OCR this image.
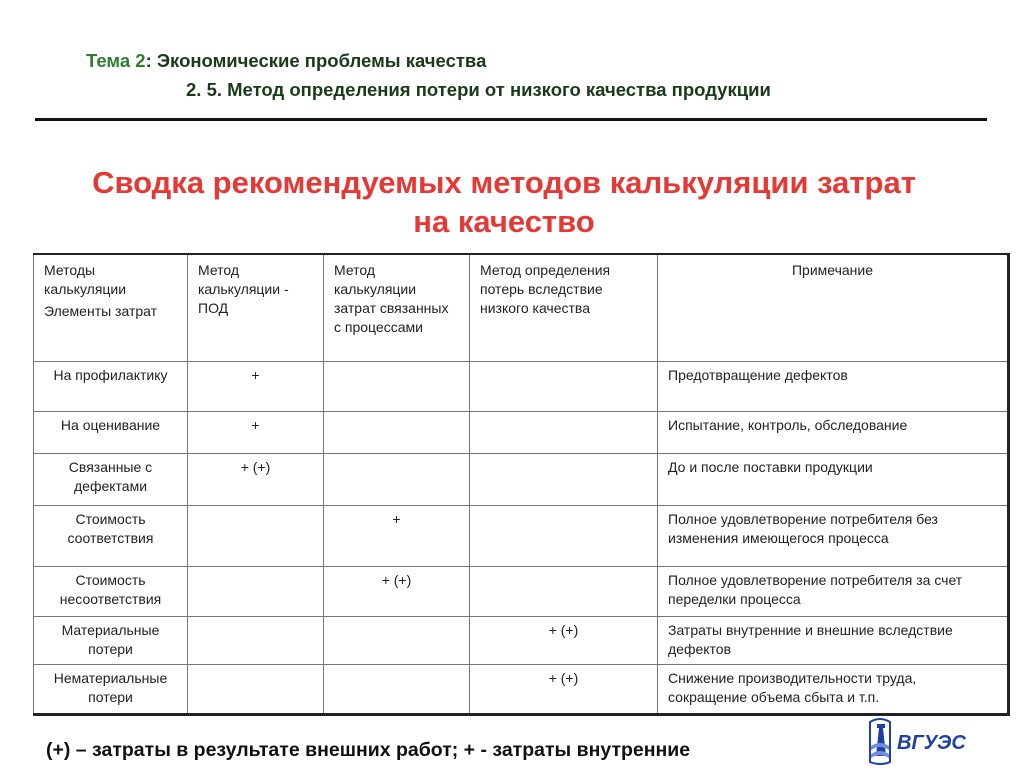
Тема 2: Экономические проблемы качества
2. 5. Метод определения потери от низкого качества продукции
Сводка рекомендуемых методов калькуляции затрат
на качество
Методы калькуляции
Элементы затрат	Метод калькуляции - ПОД	Метод калькуляции затрат связанных с процессами	Метод определения потерь вследствие низкого качества	Примечание
На профилактику	+			Предотвращение дефектов
На оценивание	+			Испытание, контроль, обследование
Связанные с дефектами	+ (+)			До и после поставки продукции
Стоимость соответствия		+		Полное удовлетворение потребителя без изменения имеющегося процесса
Стоимость несоответствия		+ (+)		Полное удовлетворение потребителя за счет переделки процесса
Материальные потери			+ (+)	Затраты внутренние и внешние вследствие дефектов
Нематериальные потери			+ (+)	Снижение производительности труда, сокращение объема сбыта и т.п.

(+) – затраты в результате внешних работ; + - затраты внутренние	ВГУЭС
